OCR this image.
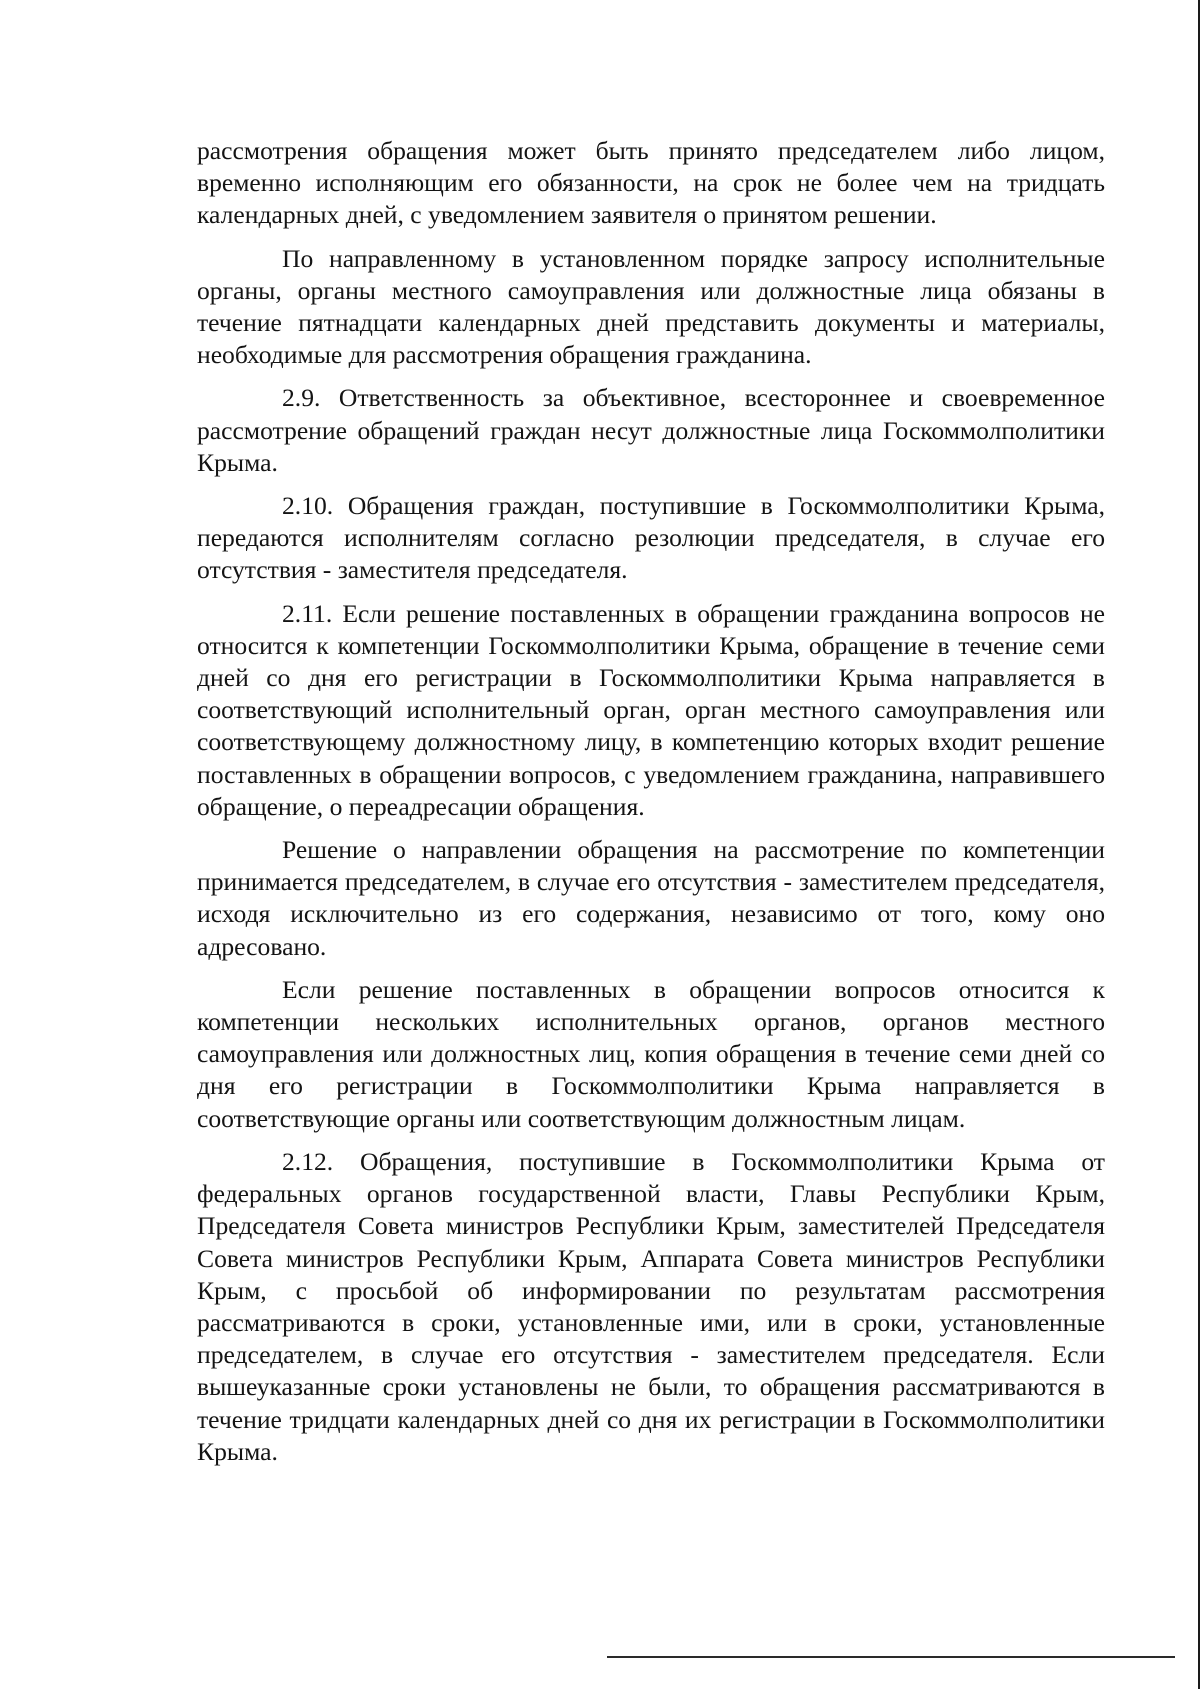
рассмотрения обращения может быть принято председателем либо лицом, временно исполняющим его обязанности, на срок не более чем на тридцать календарных дней, с уведомлением заявителя о принятом решении.

По направленному в установленном порядке запросу исполнительные органы, органы местного самоуправления или должностные лица обязаны в течение пятнадцати календарных дней представить документы и материалы, необходимые для рассмотрения обращения гражданина.

2.9. Ответственность за объективное, всестороннее и своевременное рассмотрение обращений граждан несут должностные лица Госкоммолполитики Крыма.

2.10. Обращения граждан, поступившие в Госкоммолполитики Крыма, передаются исполнителям согласно резолюции председателя, в случае его отсутствия - заместителя председателя.

2.11. Если решение поставленных в обращении гражданина вопросов не относится к компетенции Госкоммолполитики Крыма, обращение в течение семи дней со дня его регистрации в Госкоммолполитики Крыма направляется в соответствующий исполнительный орган, орган местного самоуправления или соответствующему должностному лицу, в компетенцию которых входит решение поставленных в обращении вопросов, с уведомлением гражданина, направившего обращение, о переадресации обращения.

Решение о направлении обращения на рассмотрение по компетенции принимается председателем, в случае его отсутствия - заместителем председателя, исходя исключительно из его содержания, независимо от того, кому оно адресовано.

Если решение поставленных в обращении вопросов относится к компетенции нескольких исполнительных органов, органов местного самоуправления или должностных лиц, копия обращения в течение семи дней со дня его регистрации в Госкоммолполитики Крыма направляется в соответствующие органы или соответствующим должностным лицам.

2.12. Обращения, поступившие в Госкоммолполитики Крыма от федеральных органов государственной власти, Главы Республики Крым, Председателя Совета министров Республики Крым, заместителей Председателя Совета министров Республики Крым, Аппарата Совета министров Республики Крым, с просьбой об информировании по результатам рассмотрения рассматриваются в сроки, установленные ими, или в сроки, установленные председателем, в случае его отсутствия - заместителем председателя. Если вышеуказанные сроки установлены не были, то обращения рассматриваются в течение тридцати календарных дней со дня их регистрации в Госкоммолполитики Крыма.
